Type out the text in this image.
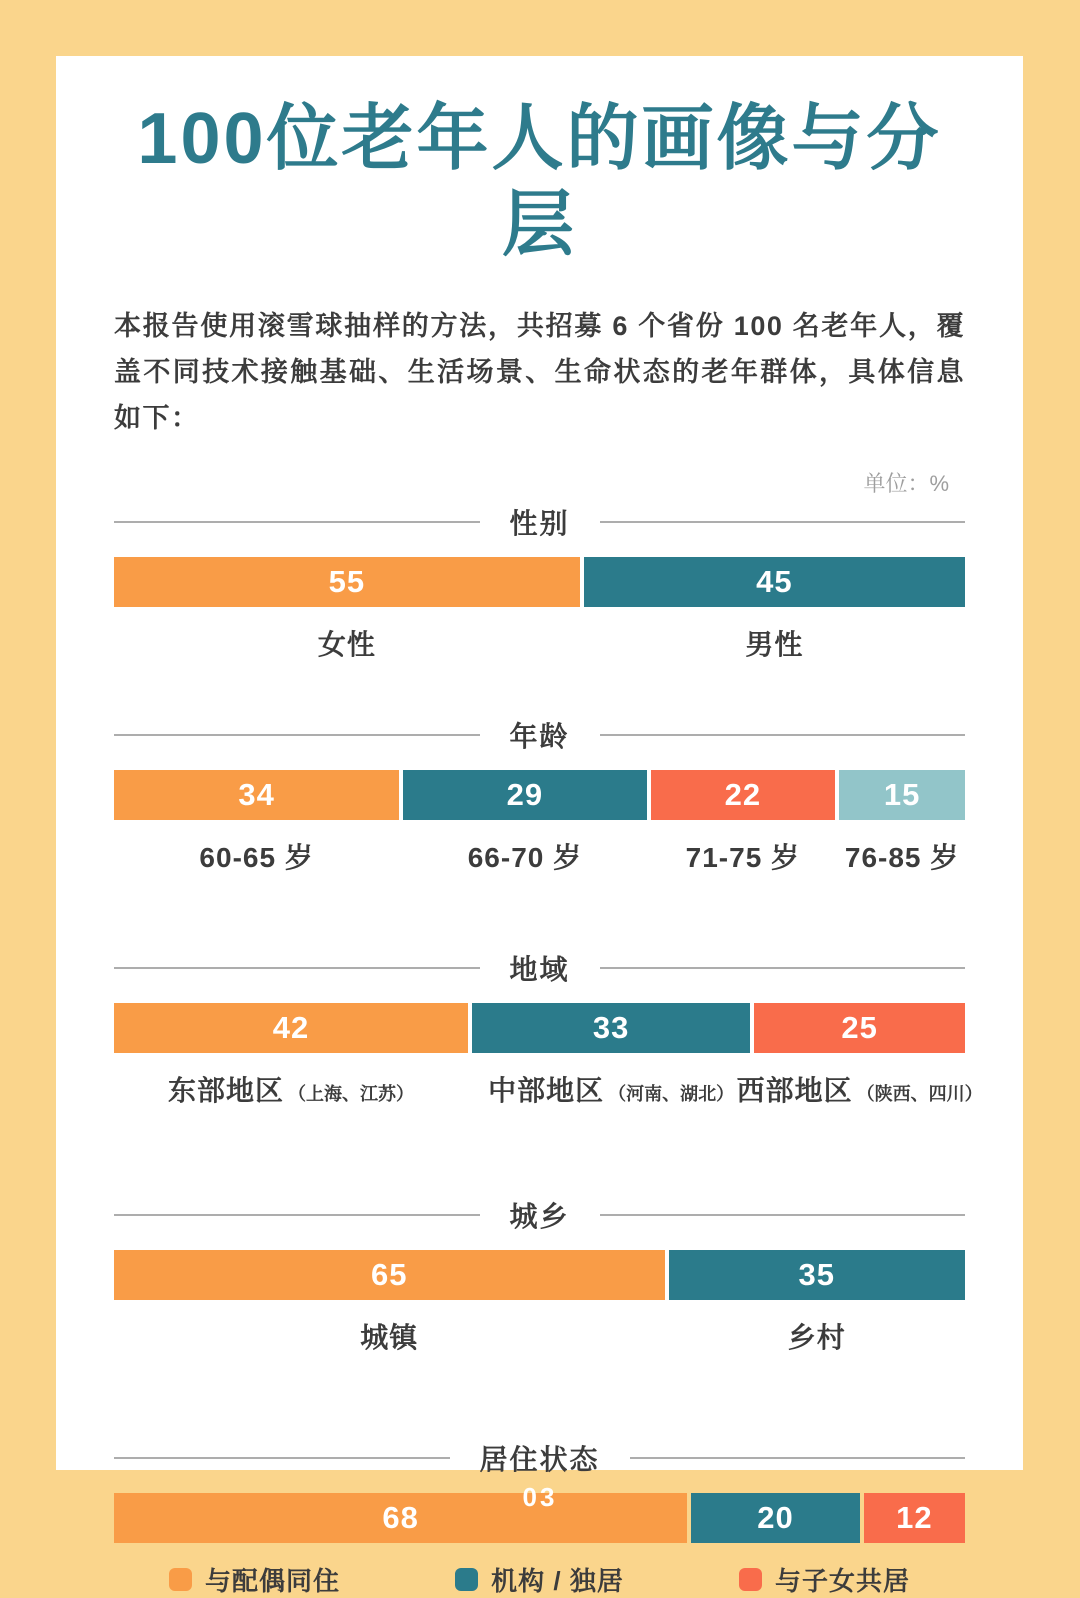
100位老年人的画像与分层

本报告使用滚雪球抽样的方法，共招募 6 个省份 100 名老年人，覆盖不同技术接触基础、生活场景、生命状态的老年群体，具体信息如下：

单位：%
性别
55	45
女性	男性
年龄
34	29	22	15
60-65 岁	66-70 岁	71-75 岁 76-85 岁
地域
42	33	25
东部地区 （上海、江苏）	中部地区 （河南、湖北） 西部地区 （陕西、四川）
城乡
65	35
城镇	乡村
居住状态
68	20	12
与配偶同住	机构 / 独居	与子女共居
03
